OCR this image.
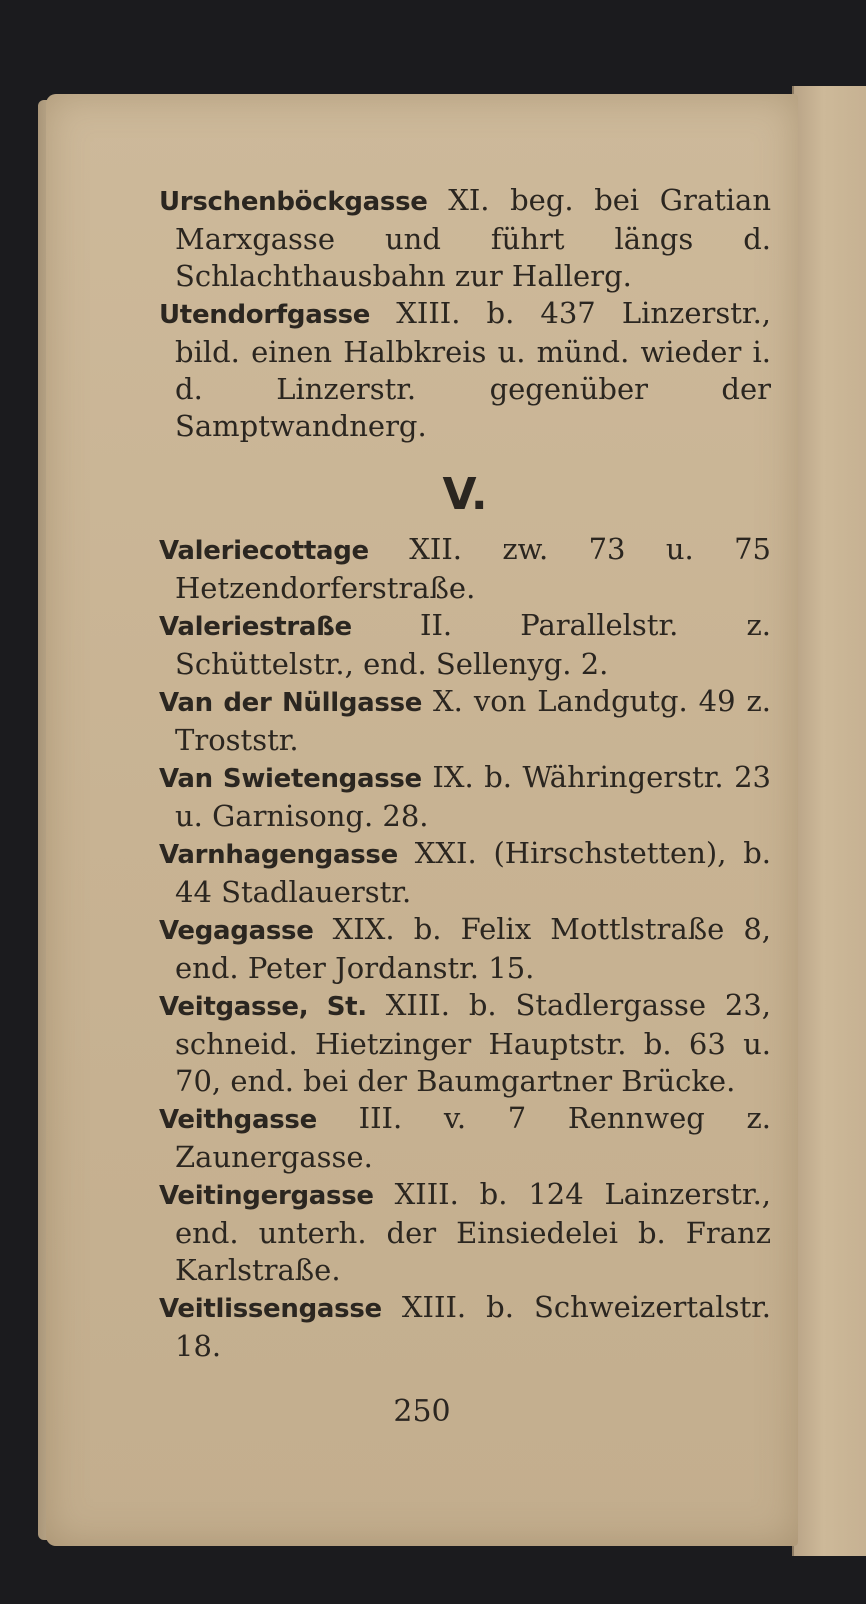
Urschenböckgasse XI. beg. bei Gratian Marxgasse und führt längs d. Schlachthausbahn zur Hallerg.

Utendorfgasse XIII. b. 437 Linzerstr., bild. einen Halbkreis u. münd. wieder i. d. Linzerstr. gegenüber der Samptwandnerg.

V.

Valeriecottage XII. zw. 73 u. 75 Hetzendorferstraße.

Valeriestraße II. Parallelstr. z. Schüttelstr., end. Sellenyg. 2.

Van der Nüllgasse X. von Landgutg. 49 z. Troststr.

Van Swietengasse IX. b. Währingerstr. 23 u. Garnisong. 28.

Varnhagengasse XXI. (Hirschstetten), b. 44 Stadlauerstr.

Vegagasse XIX. b. Felix Mottlstraße 8, end. Peter Jordanstr. 15.

Veitgasse, St. XIII. b. Stadlergasse 23, schneid. Hietzinger Hauptstr. b. 63 u. 70, end. bei der Baumgartner Brücke.

Veithgasse III. v. 7 Rennweg z. Zaunergasse.

Veitingergasse XIII. b. 124 Lainzerstr., end. unterh. der Einsiedelei b. Franz Karlstraße.

Veitlissengasse XIII. b. Schweizertalstr. 18.

250
